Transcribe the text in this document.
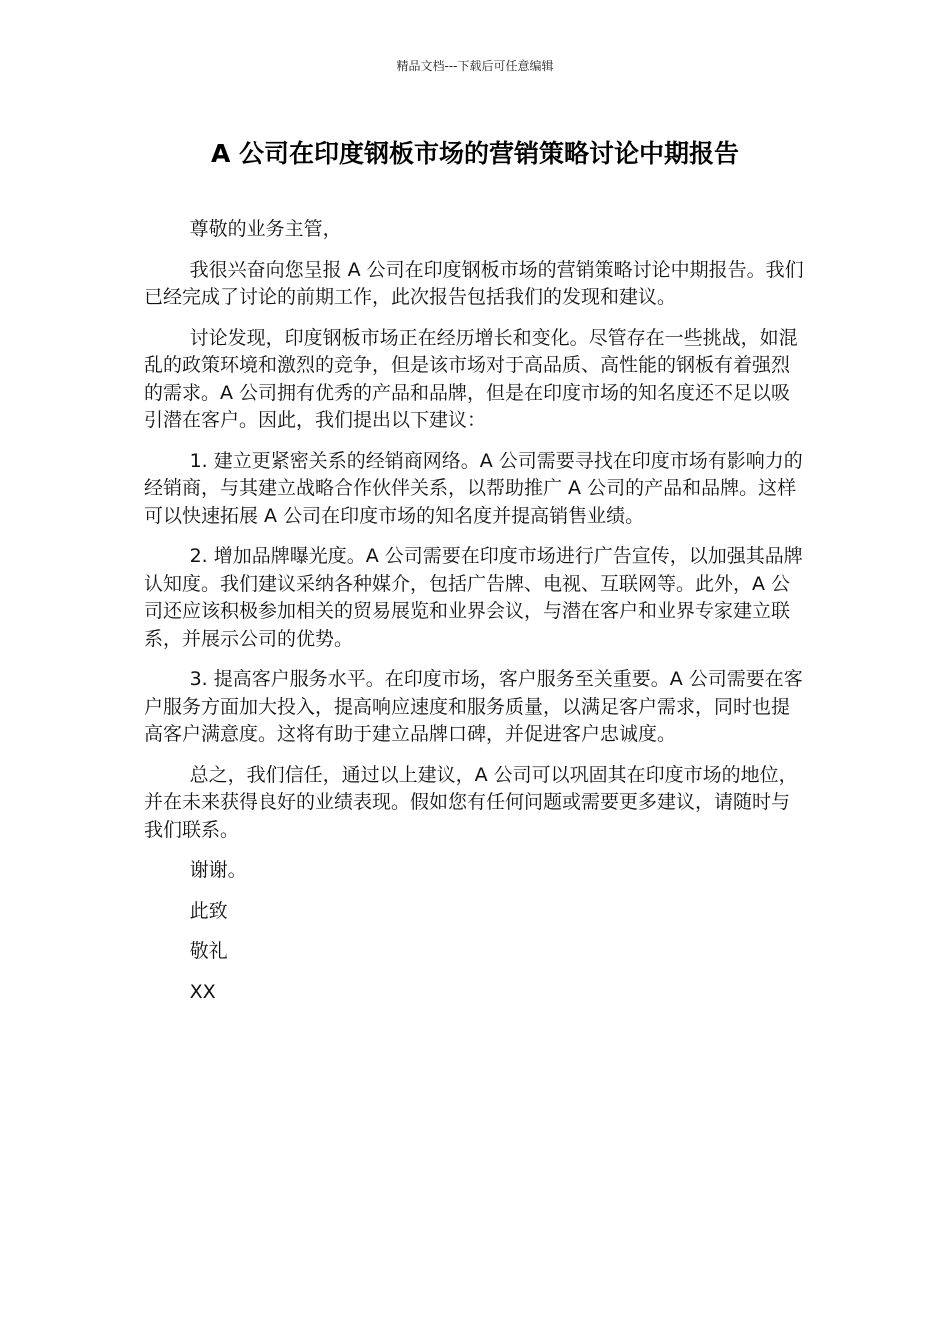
精品文档---下载后可任意编辑
A 公司在印度钢板市场的营销策略讨论中期报告

尊敬的业务主管，

我很兴奋向您呈报 A 公司在印度钢板市场的营销策略讨论中期报告。我们已经完成了讨论的前期工作，此次报告包括我们的发现和建议。

讨论发现，印度钢板市场正在经历增长和变化。尽管存在一些挑战，如混乱的政策环境和激烈的竞争，但是该市场对于高品质、高性能的钢板有着强烈的需求。A 公司拥有优秀的产品和品牌，但是在印度市场的知名度还不足以吸引潜在客户。因此，我们提出以下建议：

1. 建立更紧密关系的经销商网络。A 公司需要寻找在印度市场有影响力的经销商，与其建立战略合作伙伴关系，以帮助推广 A 公司的产品和品牌。这样可以快速拓展 A 公司在印度市场的知名度并提高销售业绩。

2. 增加品牌曝光度。A 公司需要在印度市场进行广告宣传，以加强其品牌认知度。我们建议采纳各种媒介，包括广告牌、电视、互联网等。此外，A 公司还应该积极参加相关的贸易展览和业界会议，与潜在客户和业界专家建立联系，并展示公司的优势。

3. 提高客户服务水平。在印度市场，客户服务至关重要。A 公司需要在客户服务方面加大投入，提高响应速度和服务质量，以满足客户需求，同时也提高客户满意度。这将有助于建立品牌口碑，并促进客户忠诚度。

总之，我们信任，通过以上建议，A 公司可以巩固其在印度市场的地位，并在未来获得良好的业绩表现。假如您有任何问题或需要更多建议，请随时与我们联系。

谢谢。

此致

敬礼

XX
